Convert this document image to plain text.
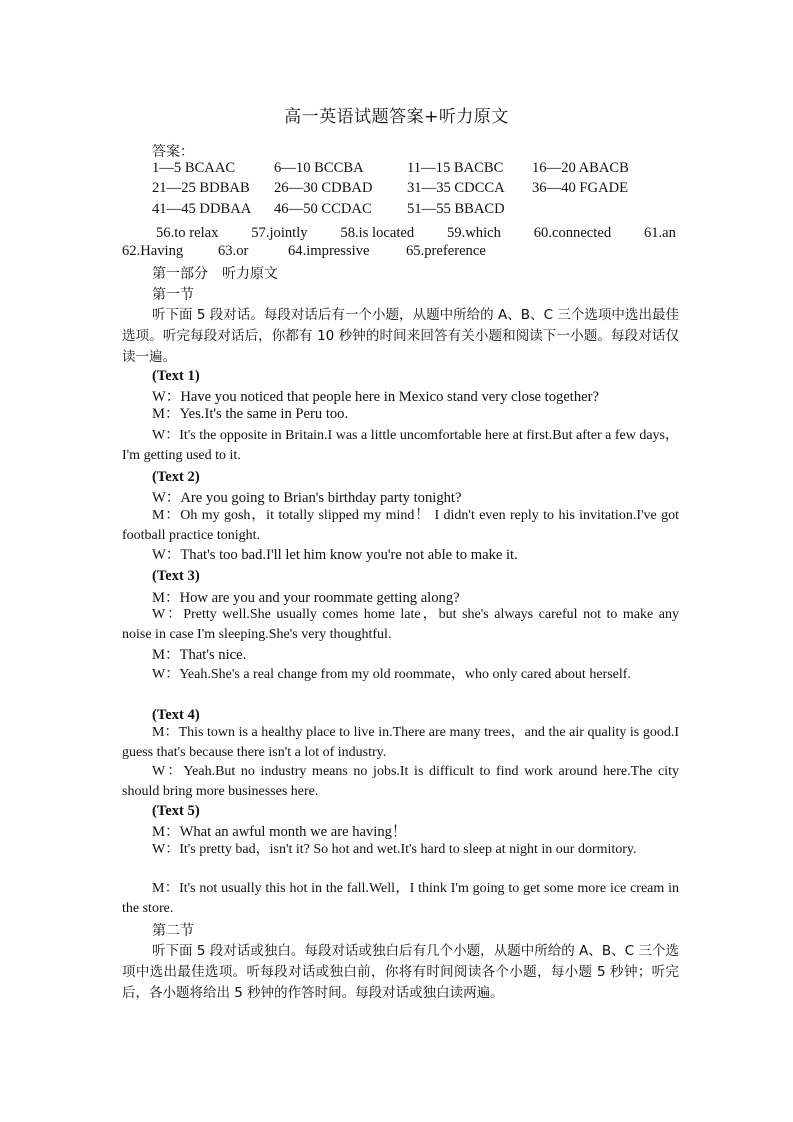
高一英语试题答案+听力原文
答案：
1—5 BCAAC	6—10 BCCBA	11—15 BACBC	16—20 ABACB
21—25 BDBAB	26—30 CDBAD	31—35 CDCCA	36—40 FGADE
41—45 DDBAA	46—50 CCDAC	51—55 BBACD
56.to relax 57.jointly 58.is located 59.which 60.connected 61.an
62.Having	63.or	64.impressive	65.preference
第一部分　听力原文
第一节
听下面 5 段对话。每段对话后有一个小题，从题中所给的 A、B、C 三个选项中选出最佳选项。听完每段对话后，你都有 10 秒钟的时间来回答有关小题和阅读下一小题。每段对话仅读一遍。
(Text 1)
W：Have you noticed that people here in Mexico stand very close together?
M：Yes.It's the same in Peru too.
W：It's the opposite in Britain.I was a little uncomfortable here at first.But after a few days，I'm getting used to it.
(Text 2)
W：Are you going to Brian's birthday party tonight?
M：Oh my gosh，it totally slipped my mind！ I didn't even reply to his invitation.I've got football practice tonight.
W：That's too bad.I'll let him know you're not able to make it.
(Text 3)
M：How are you and your roommate getting along?
W：Pretty well.She usually comes home late，but she's always careful not to make any noise in case I'm sleeping.She's very thoughtful.
M：That's nice.
W：Yeah.She's a real change from my old roommate，who only cared about herself.
(Text 4)
M：This town is a healthy place to live in.There are many trees，and the air quality is good.I guess that's because there isn't a lot of industry.
W：Yeah.But no industry means no jobs.It is difficult to find work around here.The city should bring more businesses here.
(Text 5)
M：What an awful month we are having！
W：It's pretty bad，isn't it? So hot and wet.It's hard to sleep at night in our dormitory.
M：It's not usually this hot in the fall.Well，I think I'm going to get some more ice cream in the store.
第二节
听下面 5 段对话或独白。每段对话或独白后有几个小题，从题中所给的 A、B、C 三个选项中选出最佳选项。听每段对话或独白前，你将有时间阅读各个小题，每小题 5 秒钟；听完后，各小题将给出 5 秒钟的作答时间。每段对话或独白读两遍。
